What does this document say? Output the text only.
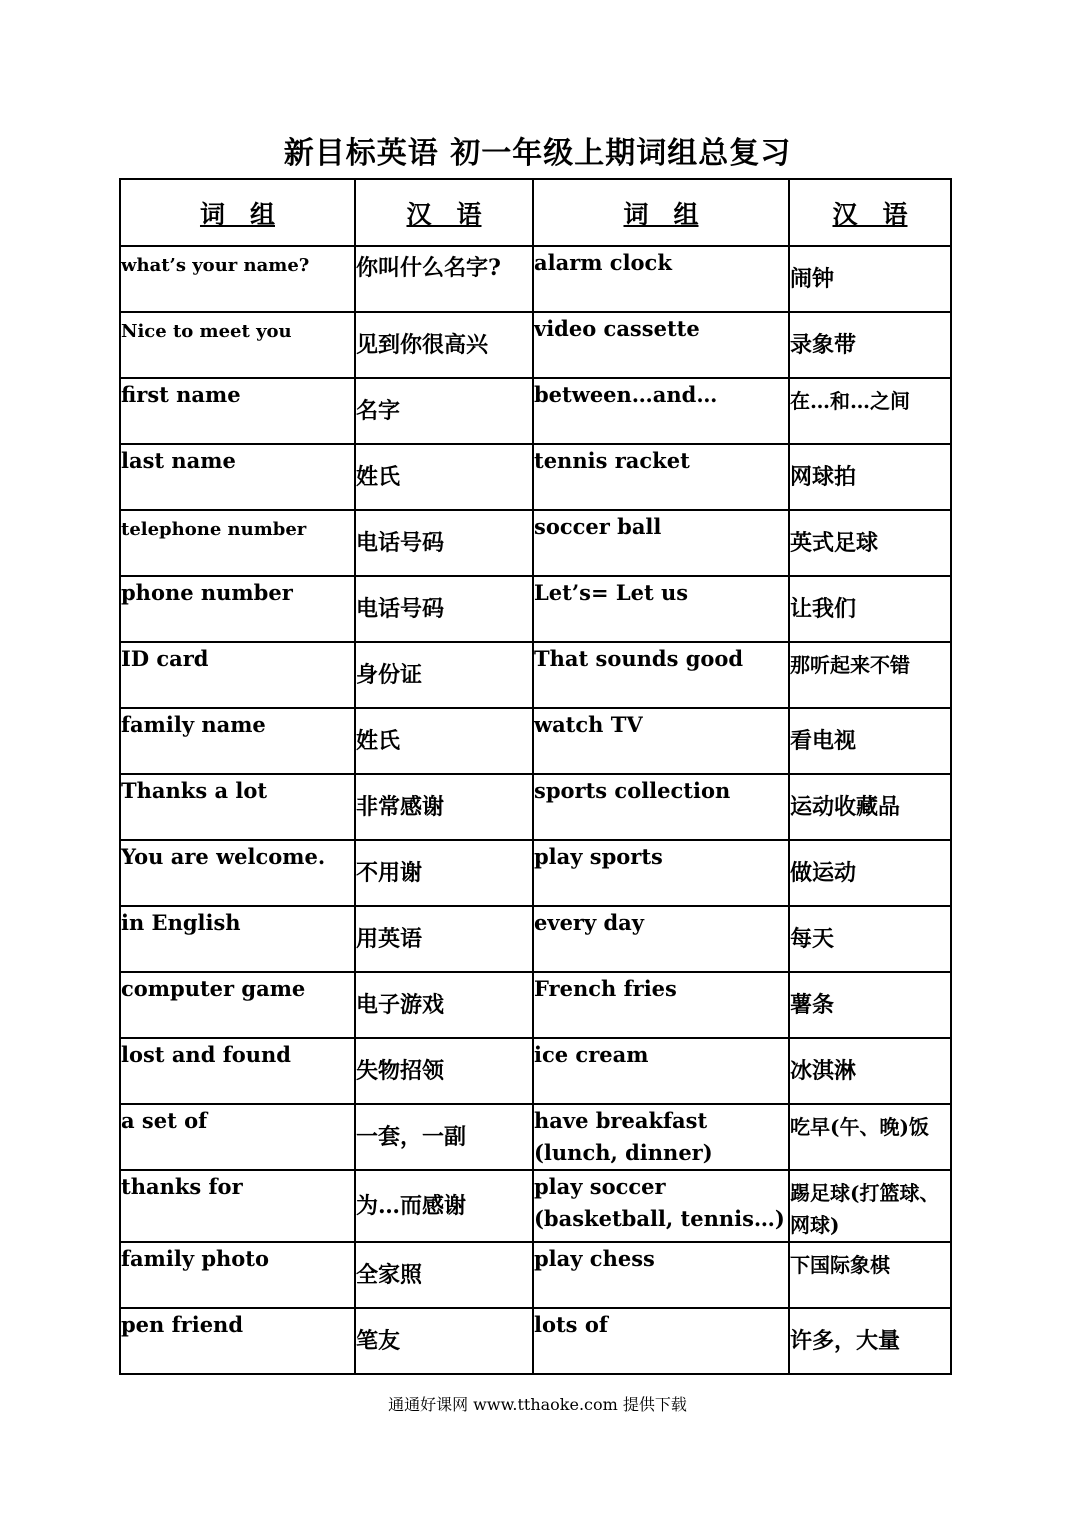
新目标英语 初一年级上期词组总复习
词　组	汉　语	词　组	汉　语
what’s your name?	你叫什么名字?	alarm clock	闹钟
Nice to meet you	见到你很高兴	video cassette	录象带
first name	名字	between…and…	在…和…之间
last name	姓氏	tennis racket	网球拍
telephone number	电话号码	soccer ball	英式足球
phone number	电话号码	Let’s= Let us	让我们
ID card	身份证	That sounds good	那听起来不错
family name	姓氏	watch TV	看电视
Thanks a lot	非常感谢	sports collection	运动收藏品
You are welcome.	不用谢	play sports	做运动
in English	用英语	every day	每天
computer game	电子游戏	French fries	薯条
lost and found	失物招领	ice cream	冰淇淋
a set of	一套，一副	have breakfast (lunch, dinner)	吃早(午、晚)饭
thanks for	为…而感谢	play soccer (basketball, tennis…)	踢足球(打篮球、网球)
family photo	全家照	play chess	下国际象棋
pen friend	笔友	lots of	许多，大量
通通好课网 www.tthaoke.com 提供下载
